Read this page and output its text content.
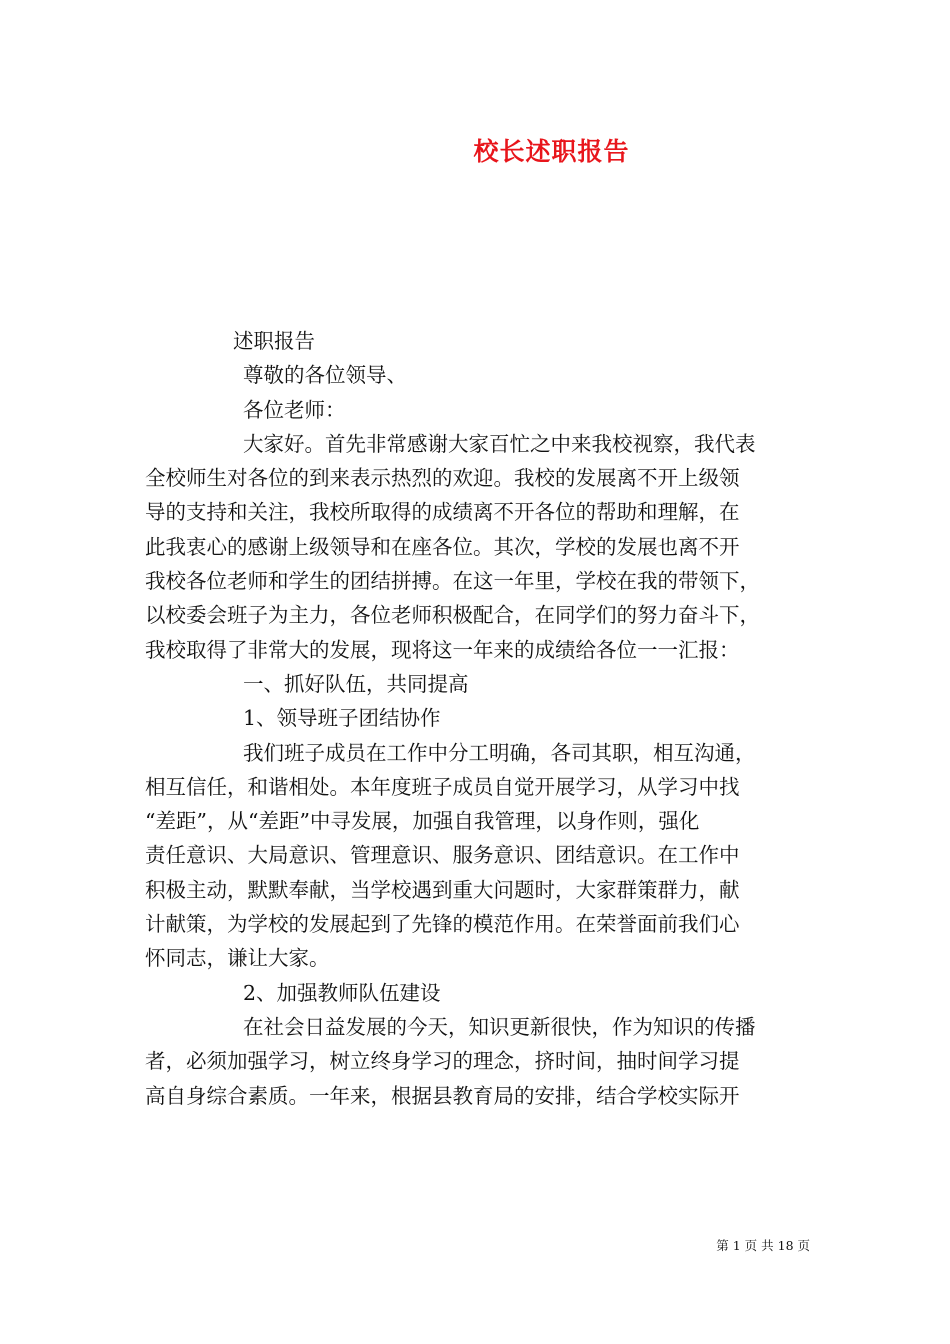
校长述职报告
述职报告
尊敬的各位领导、
各位老师：
大家好。首先非常感谢大家百忙之中来我校视察，我代表
全校师生对各位的到来表示热烈的欢迎。我校的发展离不开上级领
导的支持和关注，我校所取得的成绩离不开各位的帮助和理解，在
此我衷心的感谢上级领导和在座各位。其次，学校的发展也离不开
我校各位老师和学生的团结拼搏。在这一年里，学校在我的带领下，
以校委会班子为主力，各位老师积极配合，在同学们的努力奋斗下，
我校取得了非常大的发展，现将这一年来的成绩给各位一一汇报：
一、抓好队伍，共同提高
1、领导班子团结协作
我们班子成员在工作中分工明确，各司其职，相互沟通，
相互信任，和谐相处。本年度班子成员自觉开展学习，从学习中找
“差距”，从“差距”中寻发展，加强自我管理，以身作则，强化
责任意识、大局意识、管理意识、服务意识、团结意识。在工作中
积极主动，默默奉献，当学校遇到重大问题时，大家群策群力，献
计献策，为学校的发展起到了先锋的模范作用。在荣誉面前我们心
怀同志，谦让大家。
2、加强教师队伍建设
在社会日益发展的今天，知识更新很快，作为知识的传播
者，必须加强学习，树立终身学习的理念，挤时间，抽时间学习提
高自身综合素质。一年来，根据县教育局的安排，结合学校实际开
第 1 页 共 18 页
